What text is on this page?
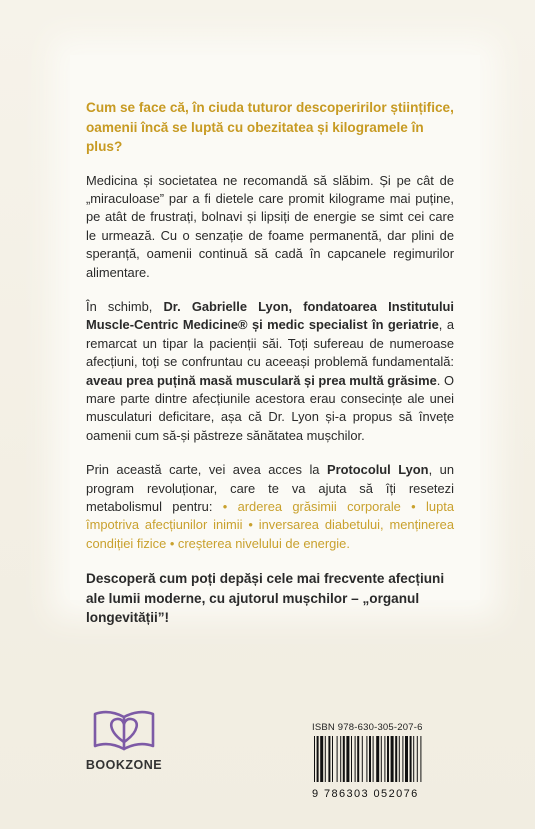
Cum se face că, în ciuda tuturor descoperirilor științifice, oamenii încă se luptă cu obezitatea și kilogramele în plus?

Medicina și societatea ne recomandă să slăbim. Și pe cât de „miraculoase” par a fi dietele care promit kilograme mai puține, pe atât de frustrați, bolnavi și lipsiți de energie se simt cei care le urmează. Cu o senzație de foame permanentă, dar plini de speranță, oamenii continuă să cadă în capcanele regimurilor alimentare.

În schimb, Dr. Gabrielle Lyon, fondatoarea Institutului Muscle-Centric Medicine® și medic specialist în geriatrie, a remarcat un tipar la pacienții săi. Toți sufereau de numeroase afecțiuni, toți se confruntau cu aceeași problemă fundamentală: aveau prea puțină masă musculară și prea multă grăsime. O mare parte dintre afecțiunile acestora erau consecințe ale unei musculaturi deficitare, așa că Dr. Lyon și-a propus să învețe oamenii cum să-și păstreze sănătatea mușchilor.

Prin această carte, vei avea acces la Protocolul Lyon, un program revoluționar, care te va ajuta să îți resetezi metabolismul pentru: • arderea grăsimii corporale • lupta împotriva afecțiunilor inimii • inversarea diabetului, menținerea condiției fizice • creșterea nivelului de energie.

Descoperă cum poți depăși cele mai frecvente afecțiuni ale lumii moderne, cu ajutorul mușchilor – „organul longevității”!

BOOKZONE
ISBN 978-630-305-207-6
9 786303 052076
